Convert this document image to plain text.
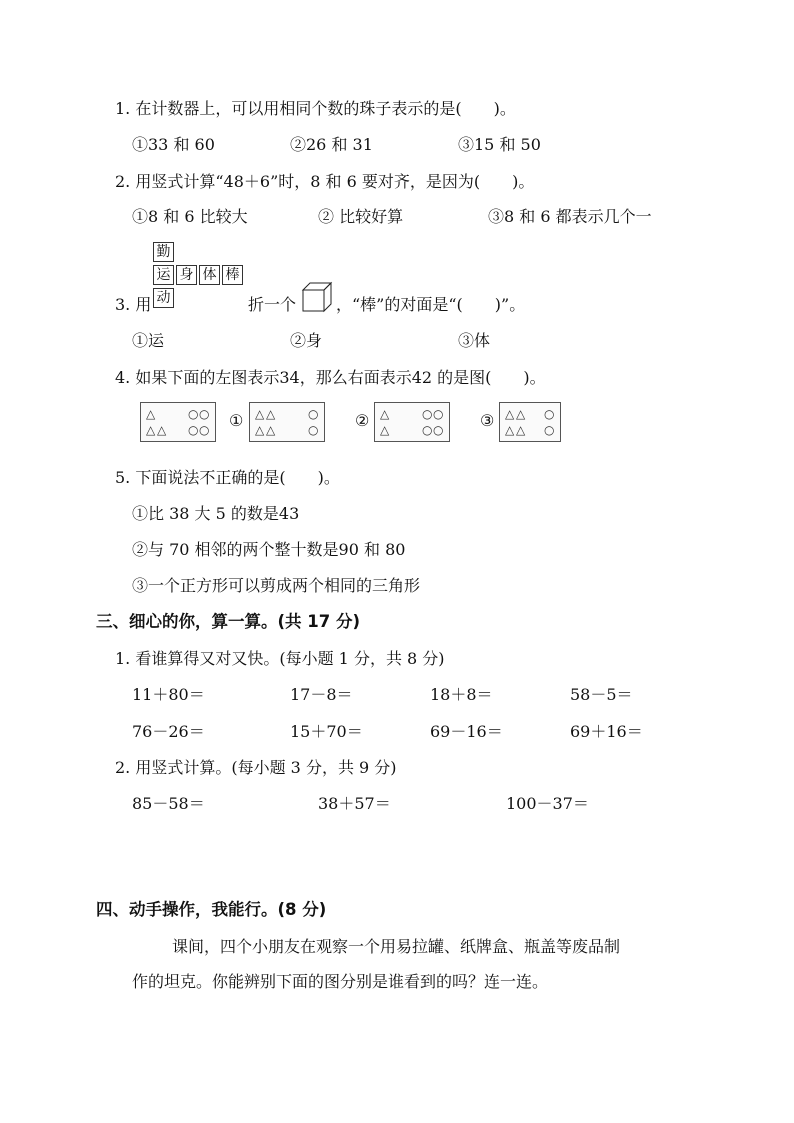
1. 在计数器上，可以用相同个数的珠子表示的是(　　)。
①33 和 60	②26 和 31	③15 和 50
2. 用竖式计算“48＋6”时，8 和 6 要对齐，是因为(　　)。
①8 和 6 比较大	② 比较好算	③8 和 6 都表示几个一
勤
运 身 体 棒
动
3. 用	折一个 ，“棒”的对面是“(　　)”。
①运	②身	③体
4. 如果下面的左图表示34，那么右面表示42 的是图(　　)。
△
△ △
○ ○
○ ○ ① △ △
△ △
○
○ ② △
△
○ ○
○ ○ ③ △ △
△ △
○
○
5. 下面说法不正确的是(　　)。
①比 38 大 5 的数是43
②与 70 相邻的两个整十数是90 和 80
③一个正方形可以剪成两个相同的三角形
三、细心的你，算一算。(共 17 分)
1. 看谁算得又对又快。(每小题 1 分，共 8 分)
11＋80＝	17－8＝	18＋8＝	58－5＝
76－26＝	15＋70＝	69－16＝	69＋16＝
2. 用竖式计算。(每小题 3 分，共 9 分)
85－58＝	38＋57＝	100－37＝
四、动手操作，我能行。(8 分)
课间，四个小朋友在观察一个用易拉罐、纸牌盒、瓶盖等废品制
作的坦克。你能辨别下面的图分别是谁看到的吗？连一连。
